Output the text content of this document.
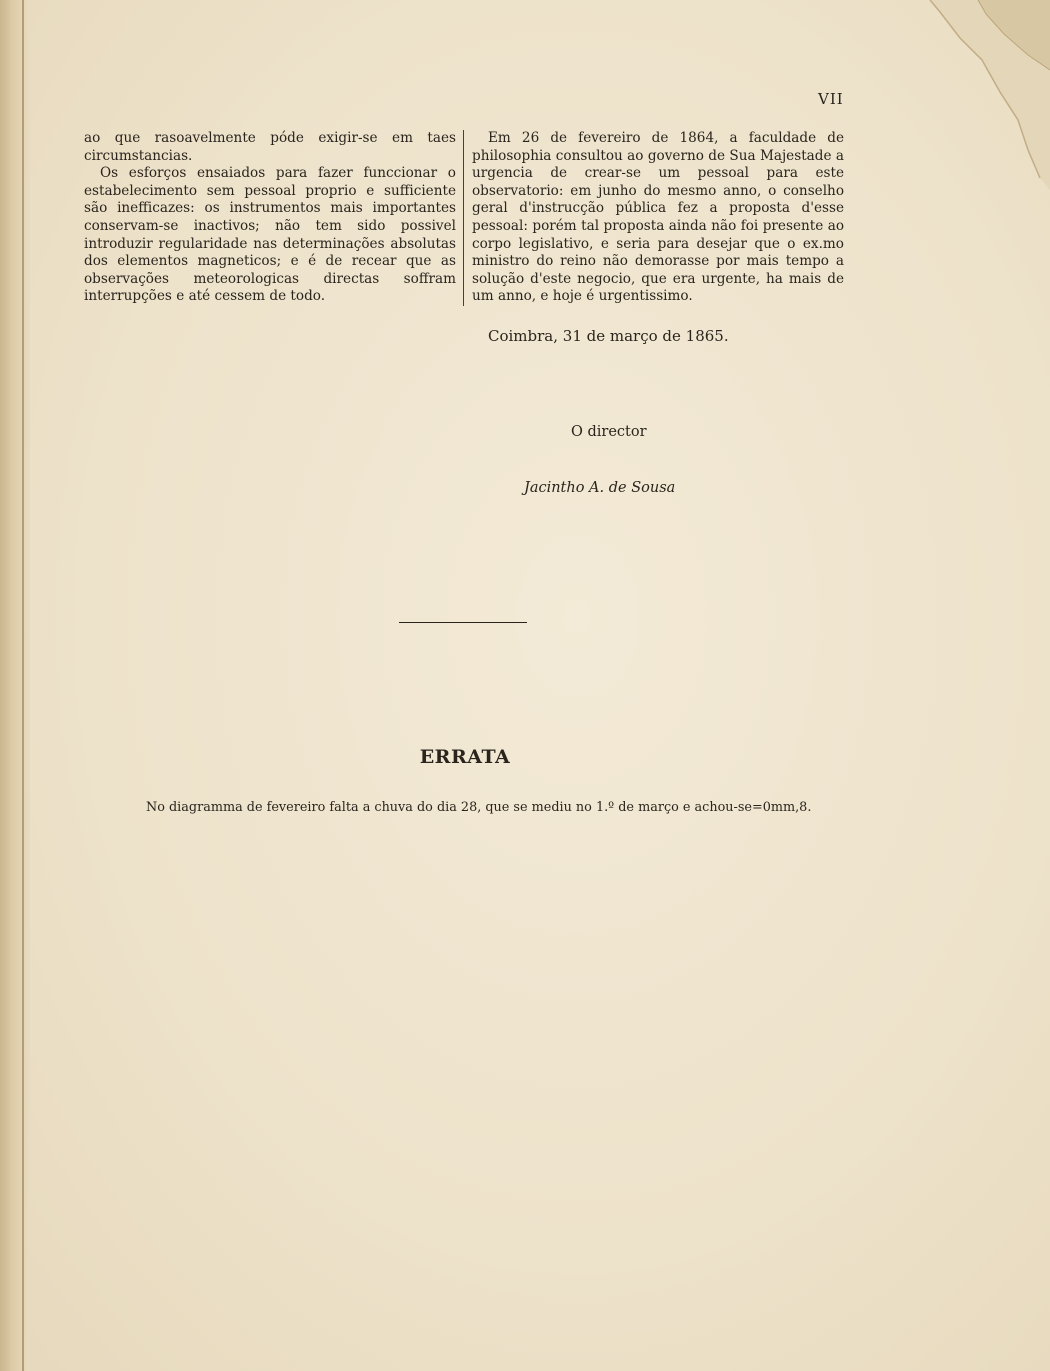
VII

ao que rasoavelmente póde exigir-se em taes circumstancias.

Os esforços ensaiados para fazer funccionar o estabelecimento sem pessoal proprio e sufficiente são inefficazes: os instrumentos mais importantes conservam-se inactivos; não tem sido possivel introduzir regularidade nas determinações absolutas dos elementos magneticos; e é de recear que as observações meteorologicas directas soffram interrupções e até cessem de todo.

Em 26 de fevereiro de 1864, a faculdade de philosophia consultou ao governo de Sua Majestade a urgencia de crear-se um pessoal para este observatorio: em junho do mesmo anno, o conselho geral d'instrucção pública fez a proposta d'esse pessoal: porém tal proposta ainda não foi presente ao corpo legislativo, e seria para desejar que o ex.mo ministro do reino não demorasse por mais tempo a solução d'este negocio, que era urgente, ha mais de um anno, e hoje é urgentissimo.

Coimbra, 31 de março de 1865.
O director
Jacintho A. de Sousa
ERRATA
No diagramma de fevereiro falta a chuva do dia 28, que se mediu no 1.º de março e achou-se=0mm,8.
